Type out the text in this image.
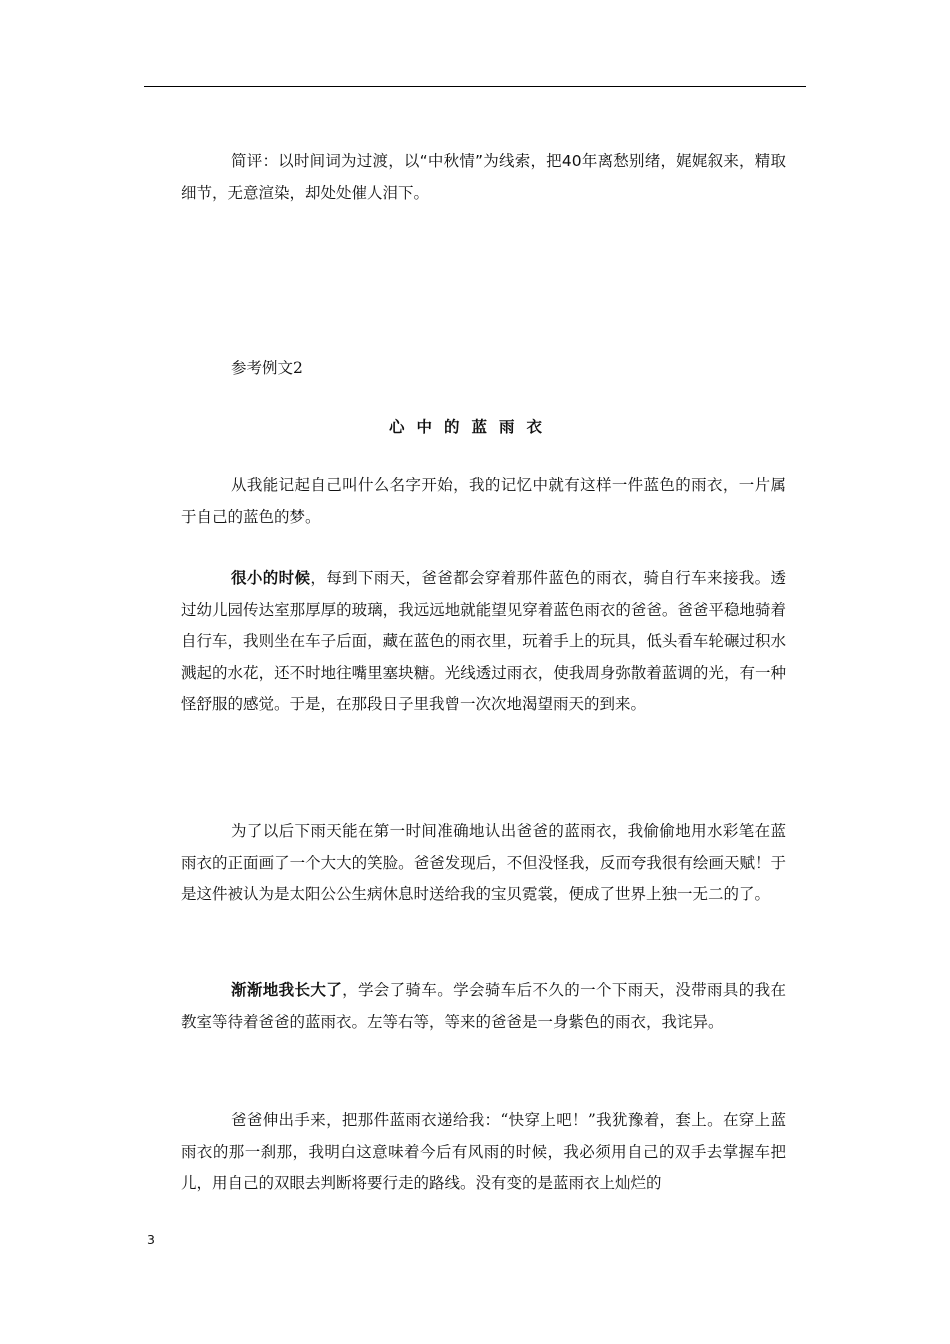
简评：以时间词为过渡，以“中秋情”为线索，把40年离愁别绪，娓娓叙来，精取细节，无意渲染，却处处催人泪下。

参考例文2
心中的蓝雨衣

从我能记起自己叫什么名字开始，我的记忆中就有这样一件蓝色的雨衣，一片属于自己的蓝色的梦。

很小的时候，每到下雨天，爸爸都会穿着那件蓝色的雨衣，骑自行车来接我。透过幼儿园传达室那厚厚的玻璃，我远远地就能望见穿着蓝色雨衣的爸爸。爸爸平稳地骑着自行车，我则坐在车子后面，藏在蓝色的雨衣里，玩着手上的玩具，低头看车轮碾过积水溅起的水花，还不时地往嘴里塞块糖。光线透过雨衣，使我周身弥散着蓝调的光，有一种怪舒服的感觉。于是，在那段日子里我曾一次次地渴望雨天的到来。

为了以后下雨天能在第一时间准确地认出爸爸的蓝雨衣，我偷偷地用水彩笔在蓝雨衣的正面画了一个大大的笑脸。爸爸发现后，不但没怪我，反而夸我很有绘画天赋！于是这件被认为是太阳公公生病休息时送给我的宝贝霓裳，便成了世界上独一无二的了。

渐渐地我长大了，学会了骑车。学会骑车后不久的一个下雨天，没带雨具的我在教室等待着爸爸的蓝雨衣。左等右等，等来的爸爸是一身紫色的雨衣，我诧异。

爸爸伸出手来，把那件蓝雨衣递给我：“快穿上吧！”我犹豫着，套上。在穿上蓝雨衣的那一刹那，我明白这意味着今后有风雨的时候，我必须用自己的双手去掌握车把儿，用自己的双眼去判断将要行走的路线。没有变的是蓝雨衣上灿烂的

3
